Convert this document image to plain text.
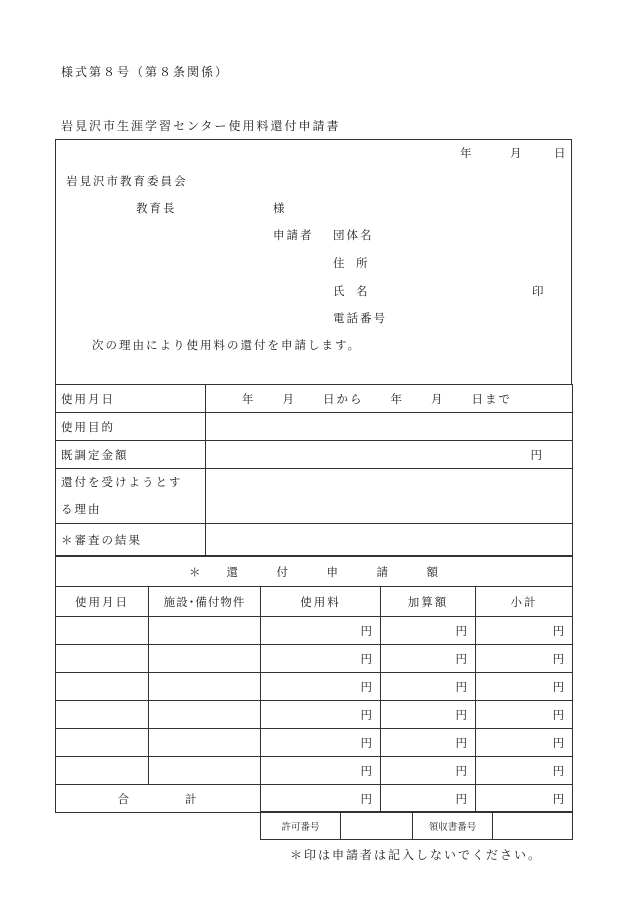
様式第８号（第８条関係）
岩見沢市生涯学習センター使用料還付申請書
年	月	日
岩見沢市教育委員会
教育長	様
申請者 団体名
住 所
氏 名	印
電話番号
次の理由により使用料の還付を申請します。
使用月日	年　　月　　日から　　年　　月　　日まで
使用目的	
既調定金額	円

還付を受けようとす
る理由	

＊審査の結果	
＊　　還　　　付　　　申　　　請　　　額				
使用月日	施設･備付物件	使用料	加算額	小計
		円	円	円
		円	円	円
		円	円	円
		円	円	円
		円	円	円
		円	円	円
合　　　　計		円	円	円
許可番号		領収書番号	
＊印は申請者は記入しないでください。
